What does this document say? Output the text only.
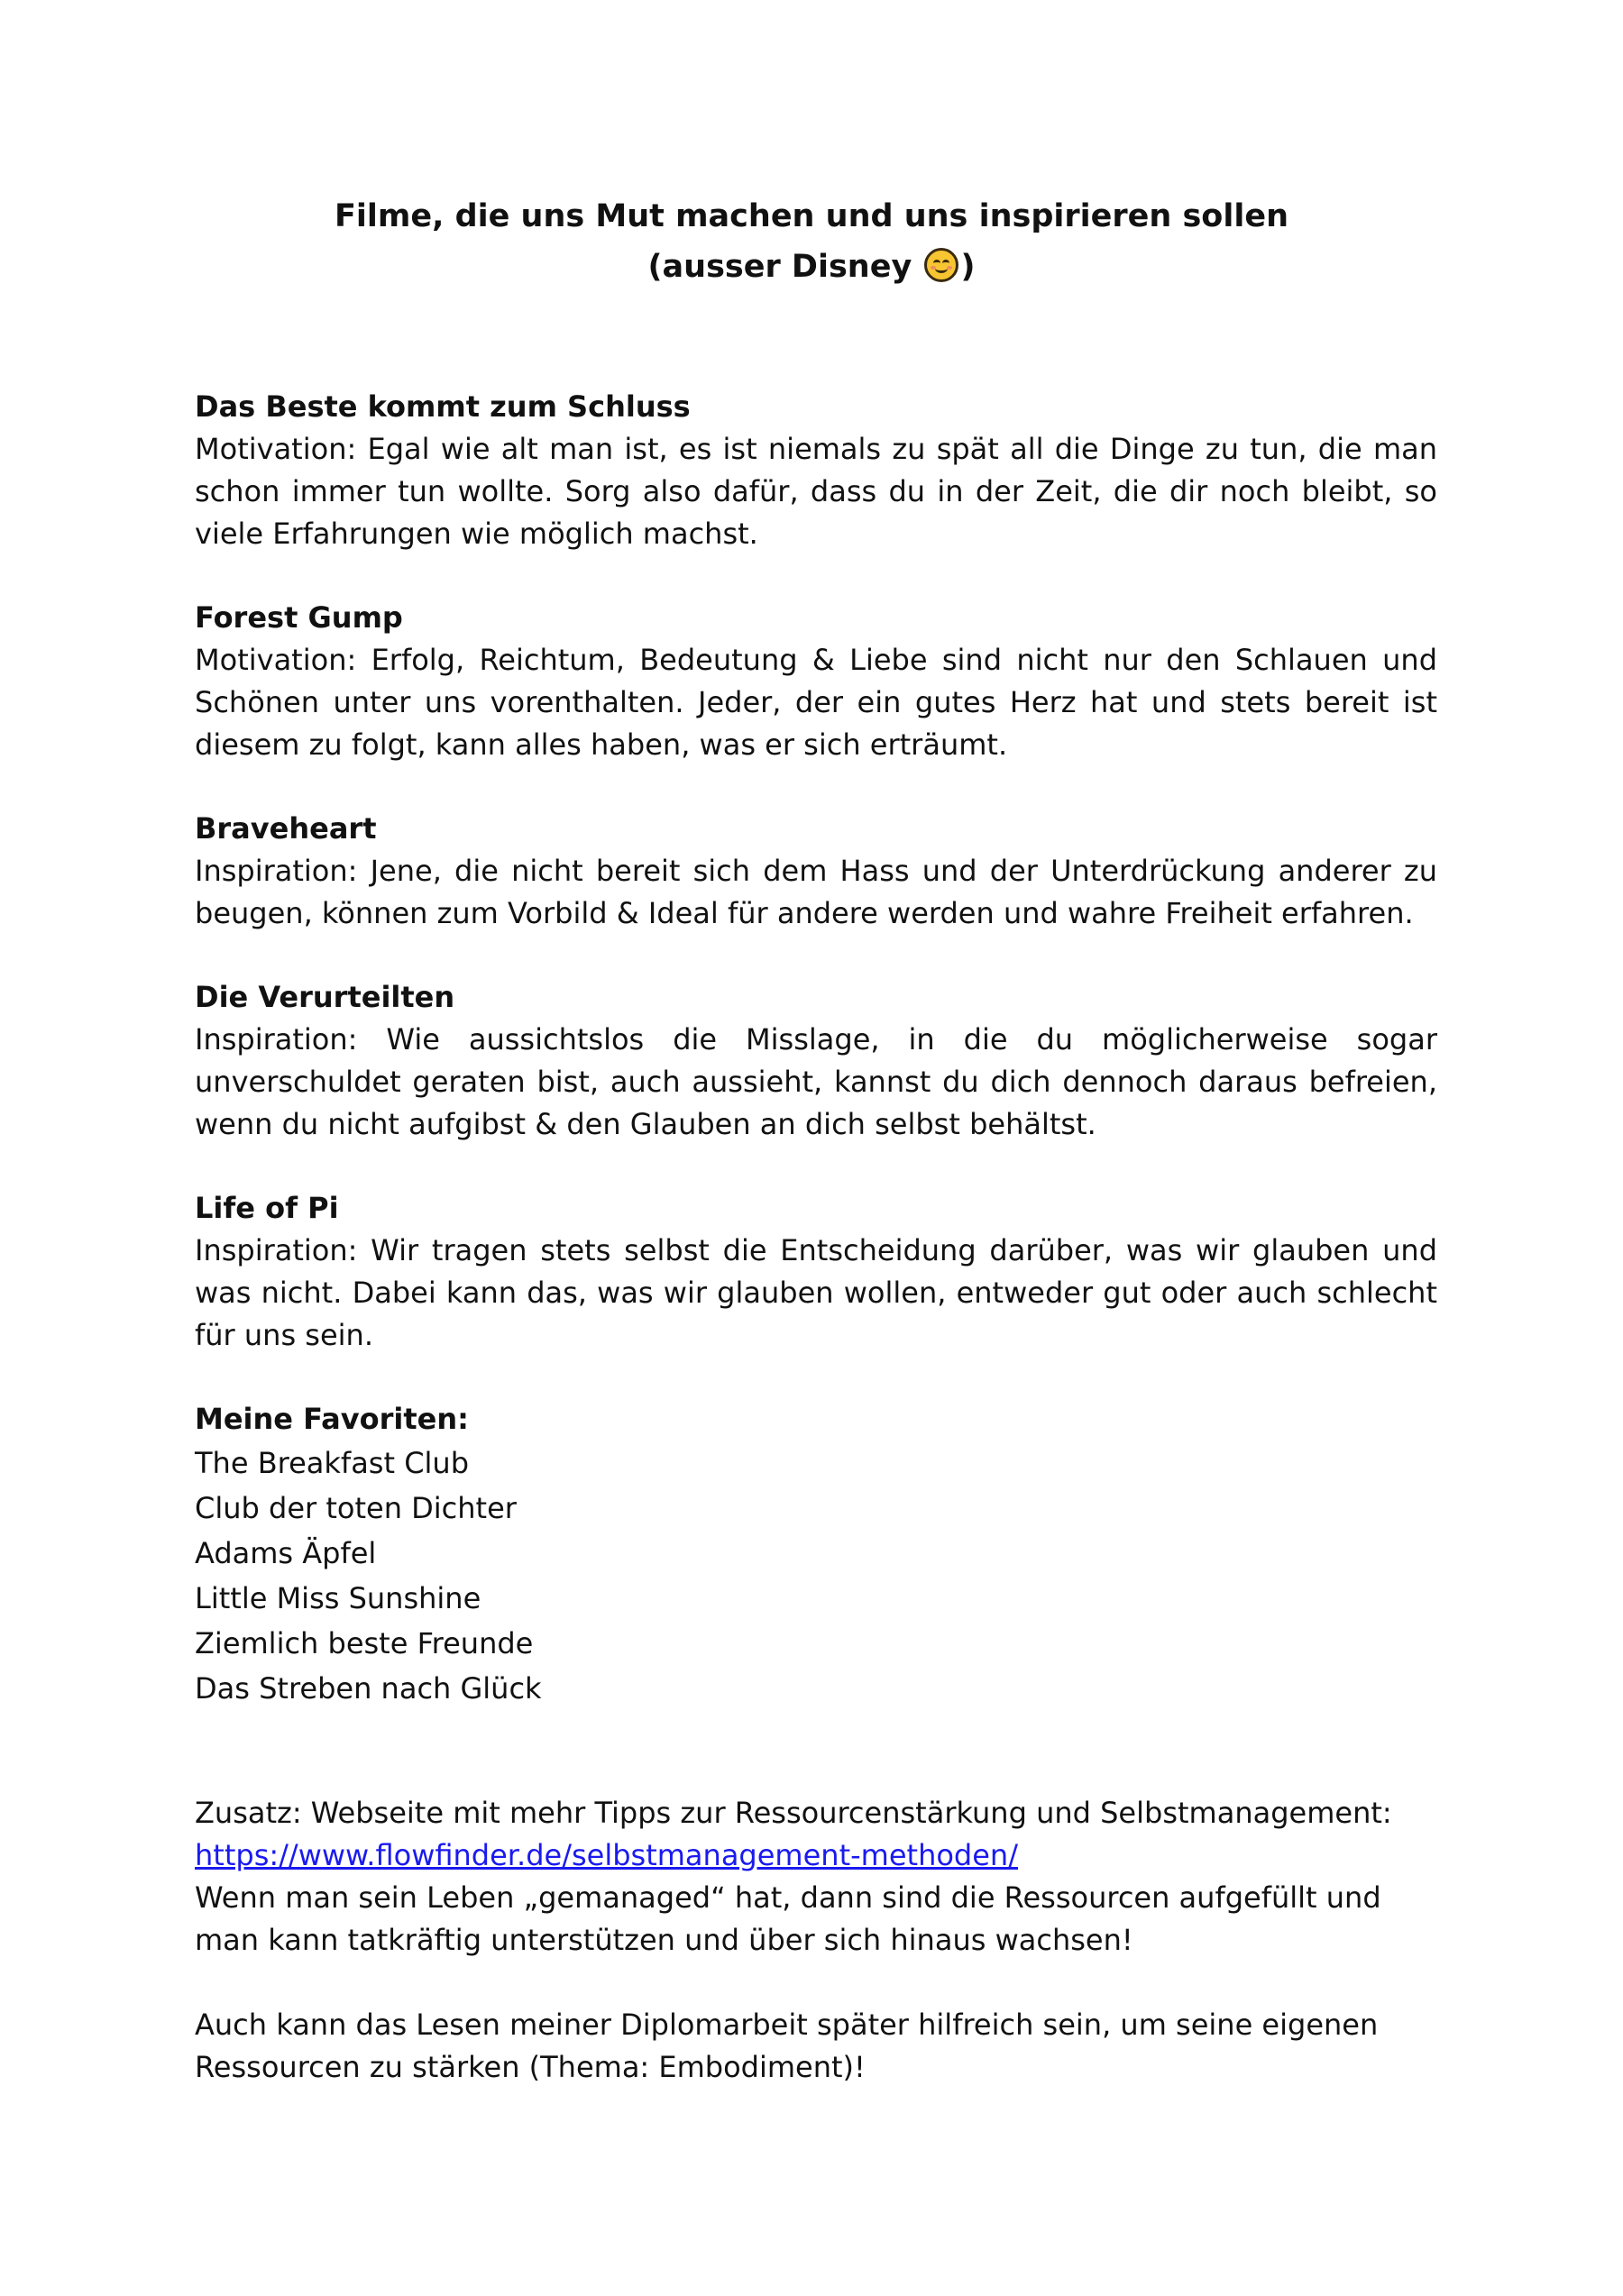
Filme, die uns Mut machen und uns inspirieren sollen

(ausser Disney
)

Das Beste kommt zum Schluss

Motivation: Egal wie alt man ist, es ist niemals zu spät all die Dinge zu tun, die man schon immer tun wollte. Sorg also dafür, dass du in der Zeit, die dir noch bleibt, so viele Erfahrungen wie möglich machst.

Forest Gump

Motivation: Erfolg, Reichtum, Bedeutung & Liebe sind nicht nur den Schlauen und Schönen unter uns vorenthalten. Jeder, der ein gutes Herz hat und stets bereit ist diesem zu folgt, kann alles haben, was er sich erträumt.

Braveheart

Inspiration: Jene, die nicht bereit sich dem Hass und der Unterdrückung anderer zu beugen, können zum Vorbild & Ideal für andere werden und wahre Freiheit erfahren.

Die Verurteilten

Inspiration: Wie aussichtslos die Misslage, in die du möglicherweise sogar unverschuldet geraten bist, auch aussieht, kannst du dich dennoch daraus befreien, wenn du nicht aufgibst & den Glauben an dich selbst behältst.

Life of Pi

Inspiration: Wir tragen stets selbst die Entscheidung darüber, was wir glauben und was nicht. Dabei kann das, was wir glauben wollen, entweder gut oder auch schlecht für uns sein.

Meine Favoriten:

The Breakfast Club
Club der toten Dichter
Adams Äpfel
Little Miss Sunshine
Ziemlich beste Freunde
Das Streben nach Glück

Zusatz: Webseite mit mehr Tipps zur Ressourcenstärkung und Selbstmanagement:

https://www.flowfinder.de/selbstmanagement-methoden/

Wenn man sein Leben „gemanaged“ hat, dann sind die Ressourcen aufgefüllt und man kann tatkräftig unterstützen und über sich hinaus wachsen!

Auch kann das Lesen meiner Diplomarbeit später hilfreich sein, um seine eigenen Ressourcen zu stärken (Thema: Embodiment)!
